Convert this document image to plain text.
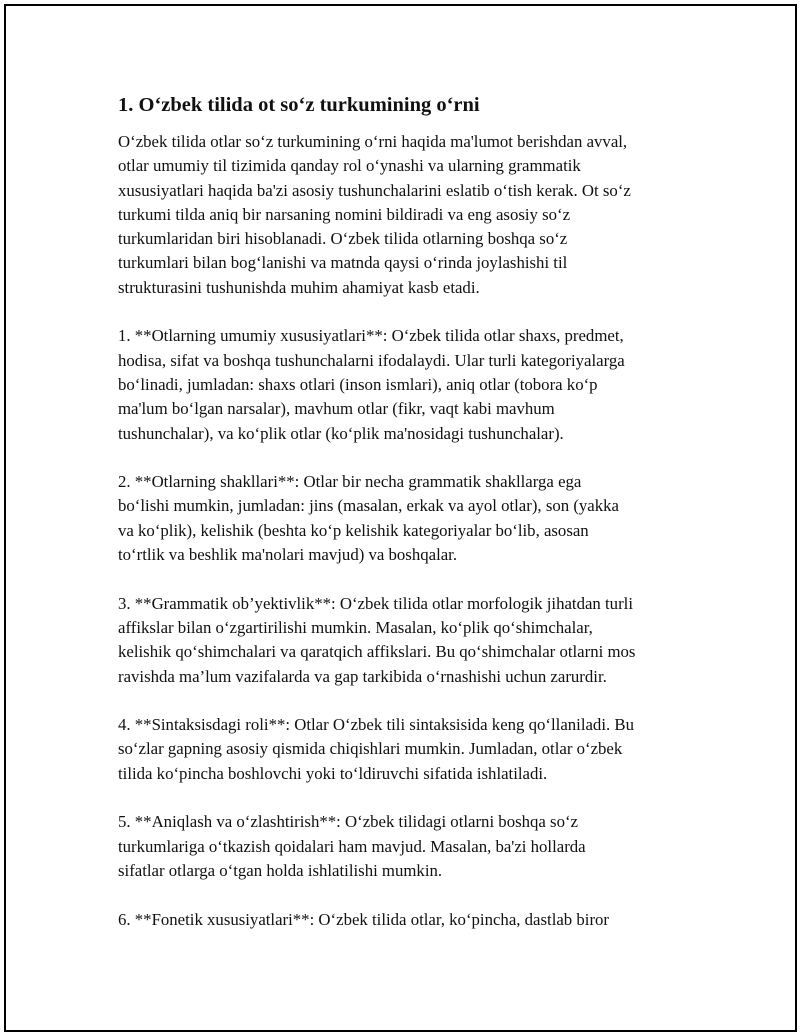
1. O‘zbek tilida ot so‘z turkumining o‘rni
O‘zbek tilida otlar so‘z turkumining o‘rni haqida ma'lumot berishdan avval,
otlar umumiy til tizimida qanday rol o‘ynashi va ularning grammatik
xususiyatlari haqida ba'zi asosiy tushunchalarini eslatib o‘tish kerak. Ot so‘z
turkumi tilda aniq bir narsaning nomini bildiradi va eng asosiy so‘z
turkumlaridan biri hisoblanadi. O‘zbek tilida otlarning boshqa so‘z
turkumlari bilan bog‘lanishi va matnda qaysi o‘rinda joylashishi til
strukturasini tushunishda muhim ahamiyat kasb etadi.
1. **Otlarning umumiy xususiyatlari**: O‘zbek tilida otlar shaxs, predmet,
hodisa, sifat va boshqa tushunchalarni ifodalaydi. Ular turli kategoriyalarga
bo‘linadi, jumladan: shaxs otlari (inson ismlari), aniq otlar (tobora ko‘p
ma'lum bo‘lgan narsalar), mavhum otlar (fikr, vaqt kabi mavhum
tushunchalar), va ko‘plik otlar (ko‘plik ma'nosidagi tushunchalar).
2. **Otlarning shakllari**: Otlar bir necha grammatik shakllarga ega
bo‘lishi mumkin, jumladan: jins (masalan, erkak va ayol otlar), son (yakka
va ko‘plik), kelishik (beshta ko‘p kelishik kategoriyalar bo‘lib, asosan
to‘rtlik va beshlik ma'nolari mavjud) va boshqalar.
3. **Grammatik ob’yektivlik**: O‘zbek tilida otlar morfologik jihatdan turli
affikslar bilan o‘zgartirilishi mumkin. Masalan, ko‘plik qo‘shimchalar,
kelishik qo‘shimchalari va qaratqich affikslari. Bu qo‘shimchalar otlarni mos
ravishda ma’lum vazifalarda va gap tarkibida o‘rnashishi uchun zarurdir.
4. **Sintaksisdagi roli**: Otlar O‘zbek tili sintaksisida keng qo‘llaniladi. Bu
so‘zlar gapning asosiy qismida chiqishlari mumkin. Jumladan, otlar o‘zbek
tilida ko‘pincha boshlovchi yoki to‘ldiruvchi sifatida ishlatiladi.
5. **Aniqlash va o‘zlashtirish**: O‘zbek tilidagi otlarni boshqa so‘z
turkumlariga o‘tkazish qoidalari ham mavjud. Masalan, ba'zi hollarda
sifatlar otlarga o‘tgan holda ishlatilishi mumkin.
6. **Fonetik xususiyatlari**: O‘zbek tilida otlar, ko‘pincha, dastlab biror
